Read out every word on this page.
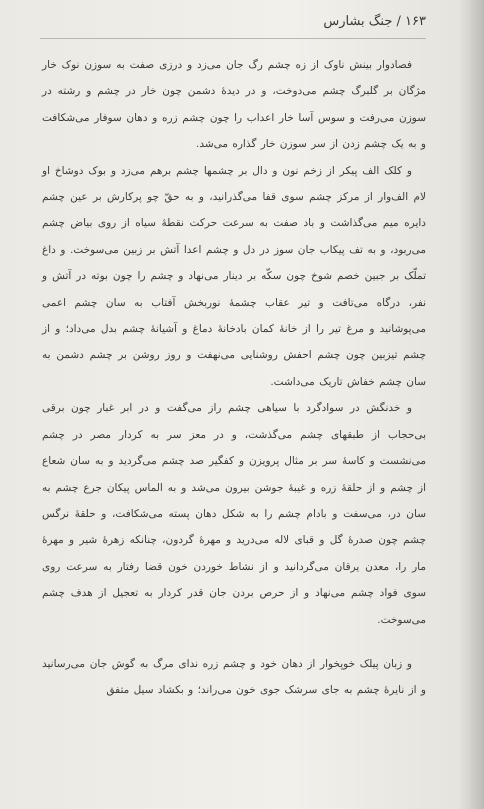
۱۶۳ / جنگ بشارس

فصادوار بینش ناوک از زه چشم رگ جان می‌زد و درزی صفت به سوزن نوک خار مژگان بر گلبرگ چشم می‌دوخت، و در دیدهٔ دشمن چون خار در چشم و رشته در سوزن می‌رفت و سوس آسا خار اعداب را چون چشم زره و دهان سوفار می‌شکافت و به یک چشم زدن از سر سوزن خار گذاره می‌شد.

و کلک الف پیکر از زخم نون و دال بر چشمها چشم برهم می‌زد و بوک دوشاخ او لام الف‌وار از مرکز چشم سوی قفا می‌گذرانید، و به حقّ چو پرکارش بر عین چشم دایره میم می‌گذاشت و باد صفت به سرعت حرکت نقطهٔ سیاه از روی بیاض چشم می‌ربود، و به تف پیکاب جان سوز در دل و چشم اعدا آتش بر زبین می‌سوخت. و داغ تملّک بر جبین خصم شوخ چون سکّه بر دینار می‌نهاد و چشم را چون بوته در آتش و نفر، درگاه می‌تافت و تیر عقاب چشمهٔ نوربخش آفتاب به سان چشم اعمی می‌پوشانید و مرغ تیر را از خانهٔ کمان بادخانهٔ دماغ و آشیانهٔ چشم بدل می‌داد؛ و از چشم تیزبین چون چشم احفش روشنایی می‌نهفت و روز روشن بر چشم دشمن به سان چشم خفاش تاریک می‌داشت.

و خدنگش در سوادگرد با سیاهی چشم راز می‌گفت و در ابر غبار چون برقی بی‌حجاب از طبقهای چشم می‌گذشت، و در معز سر به کردار مصر در چشم می‌نشست و کاسهٔ سر بر مثال پرویزن و کفگیر صد چشم می‌گردید و به سان شعاع از چشم و از حلقهٔ زره و غیبهٔ جوشن بیرون می‌شد و به الماس پیکان جرع چشم به سان در، می‌سفت و بادام چشم را به شکل دهان پسته می‌شکافت، و حلقهٔ نرگس چشم چون صدرهٔ گل و قبای لاله می‌درید و مهرهٔ گردون، چنانکه زهرهٔ شیر و مهرهٔ مار را، معدن یرقان می‌گردانید و از نشاط خوردن خون قضا رفتار به سرعت روی سوی فواد چشم می‌نهاد و از حرص بردن جان قدر کردار به تعجیل از هدف چشم می‌سوخت.

و زبان پیلک خوپخوار از دهان خود و چشم زره ندای مرگ به گوش جان می‌رسانید و از نایرهٔ چشم به جای سرشک جوی خون می‌راند؛ و بکشاد سیل متفق
